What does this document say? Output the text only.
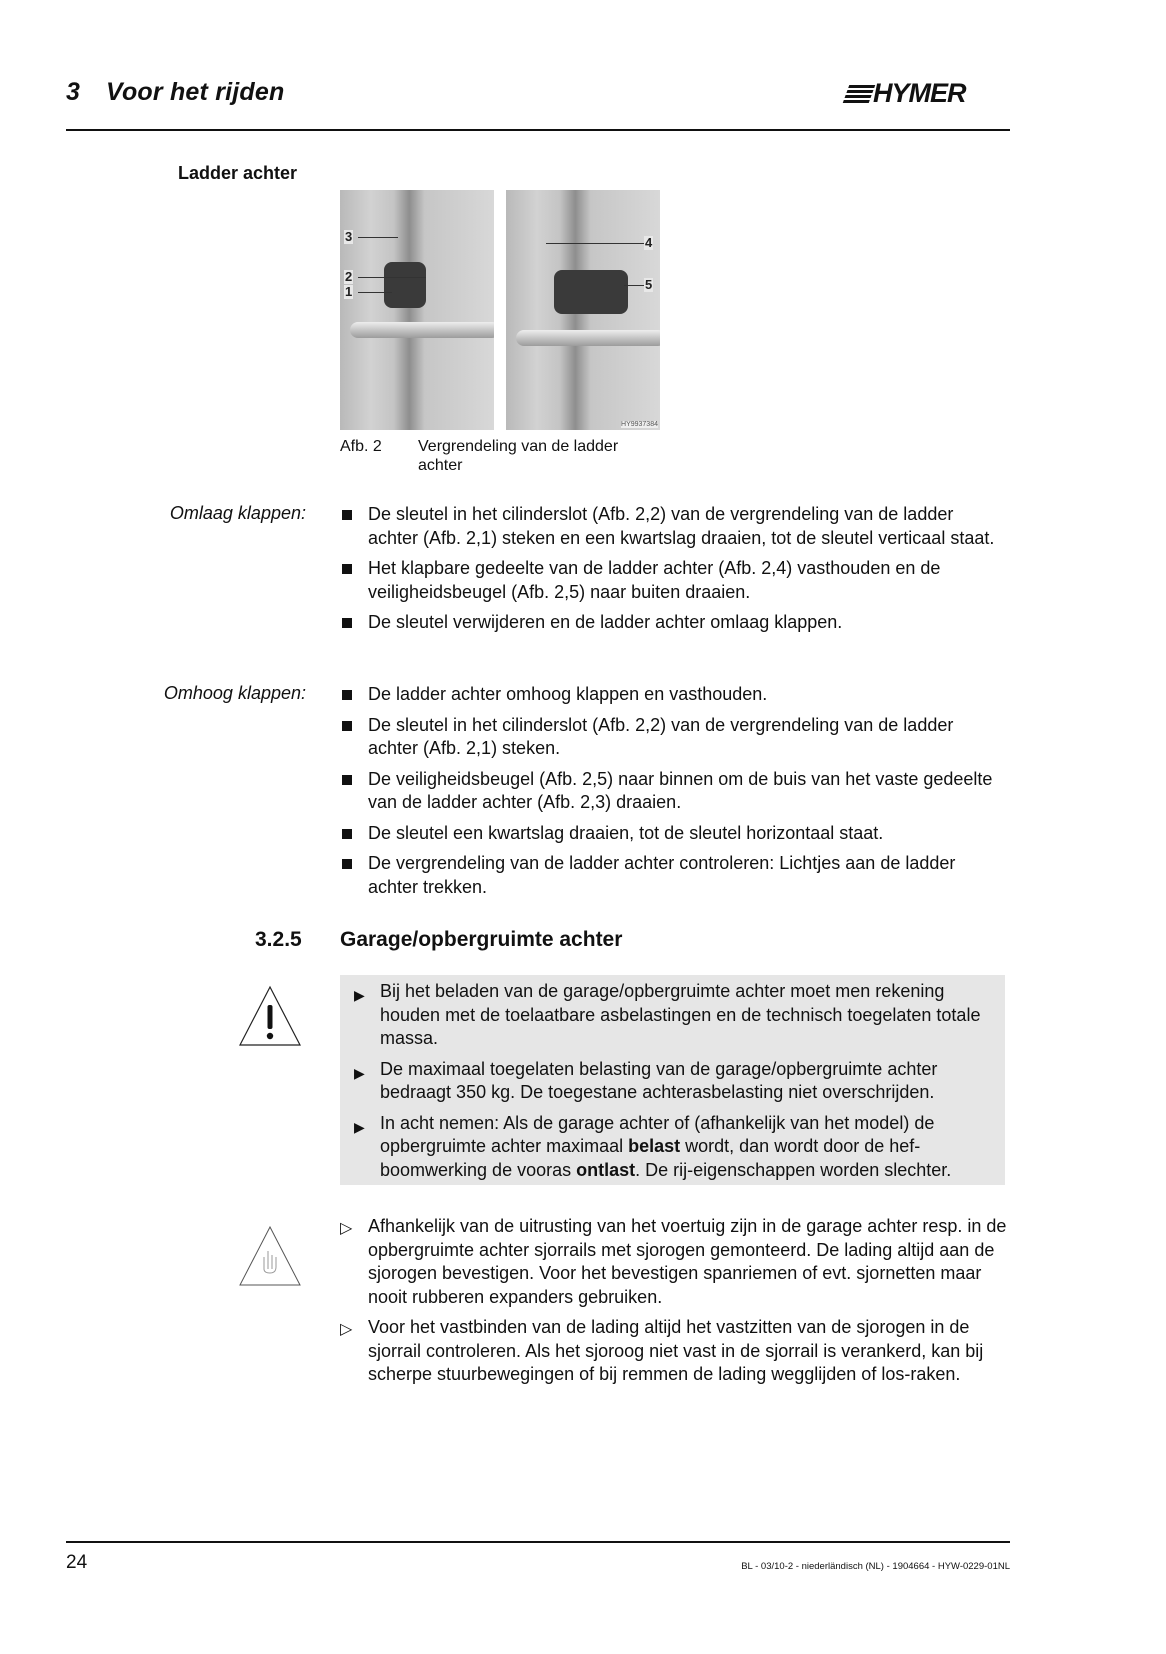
3 Voor het rijden	HYMER
Ladder achter
3
2
1
4
5
HY9937384
Afb. 2	Vergrendeling van de ladder achter
Omlaag klappen:	De sleutel in het cilinderslot (Afb. 2,2) van de vergrendeling van de ladder achter (Afb. 2,1) steken en een kwartslag draaien, tot de sleutel verticaal staat.
Het klapbare gedeelte van de ladder achter (Afb. 2,4) vasthouden en de veiligheidsbeugel (Afb. 2,5) naar buiten draaien.
De sleutel verwijderen en de ladder achter omlaag klappen.
Omhoog klappen:	De ladder achter omhoog klappen en vasthouden.
De sleutel in het cilinderslot (Afb. 2,2) van de vergrendeling van de ladder achter (Afb. 2,1) steken.
De veiligheidsbeugel (Afb. 2,5) naar binnen om de buis van het vaste gedeelte van de ladder achter (Afb. 2,3) draaien.
De sleutel een kwartslag draaien, tot de sleutel horizontaal staat.
De vergrendeling van de ladder achter controleren: Lichtjes aan de ladder achter trekken.
3.2.5 Garage/opbergruimte achter
▶ Bij het beladen van de garage/opbergruimte achter moet men rekening houden met de toelaatbare asbelastingen en de technisch toegelaten totale massa.
▶ De maximaal toegelaten belasting van de garage/opbergruimte achter bedraagt 350 kg. De toegestane achterasbelasting niet overschrijden.
▶ In acht nemen: Als de garage achter of (afhankelijk van het model) de opbergruimte achter maximaal belast wordt, dan wordt door de hef-boomwerking de vooras ontlast. De rij-eigenschappen worden slechter.
▷ Afhankelijk van de uitrusting van het voertuig zijn in de garage achter resp. in de opbergruimte achter sjorrails met sjorogen gemonteerd. De lading altijd aan de sjorogen bevestigen. Voor het bevestigen spanriemen of evt. sjornetten maar nooit rubberen expanders gebruiken.
▷ Voor het vastbinden van de lading altijd het vastzitten van de sjorogen in de sjorrail controleren. Als het sjoroog niet vast in de sjorrail is verankerd, kan bij scherpe stuurbewegingen of bij remmen de lading wegglijden of los-raken.
24	BL - 03/10-2 - niederländisch (NL) - 1904664 - HYW-0229-01NL
